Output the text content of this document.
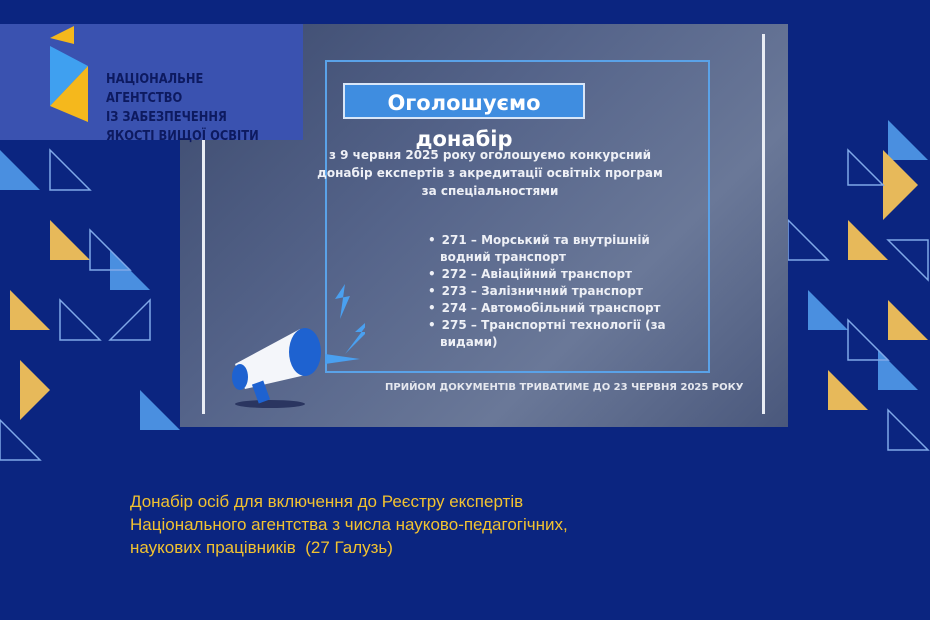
Оголошуємо донабір
з 9 червня 2025 року оголошуємо конкурсний
донабір експертів з акредитації освітніх програм
за спеціальностями
• 271 – Морський та внутрішній водний транспорт
• 272 – Авіаційний транспорт
• 273 – Залізничний транспорт
• 274 – Автомобільний транспорт
• 275 – Транспортні технології (за видами)
ПРИЙОМ ДОКУМЕНТІВ ТРИВАТИМЕ ДО 23 ЧЕРВНЯ 2025 РОКУ
НАЦІОНАЛЬНЕ
АГЕНТСТВО
ІЗ ЗАБЕЗПЕЧЕННЯ
ЯКОСТІ ВИЩОЇ ОСВІТИ
Донабір осіб для включення до Реєстру експертів
Національного агентства з числа науково-педагогічних,
наукових працівників  (27 Галузь)
